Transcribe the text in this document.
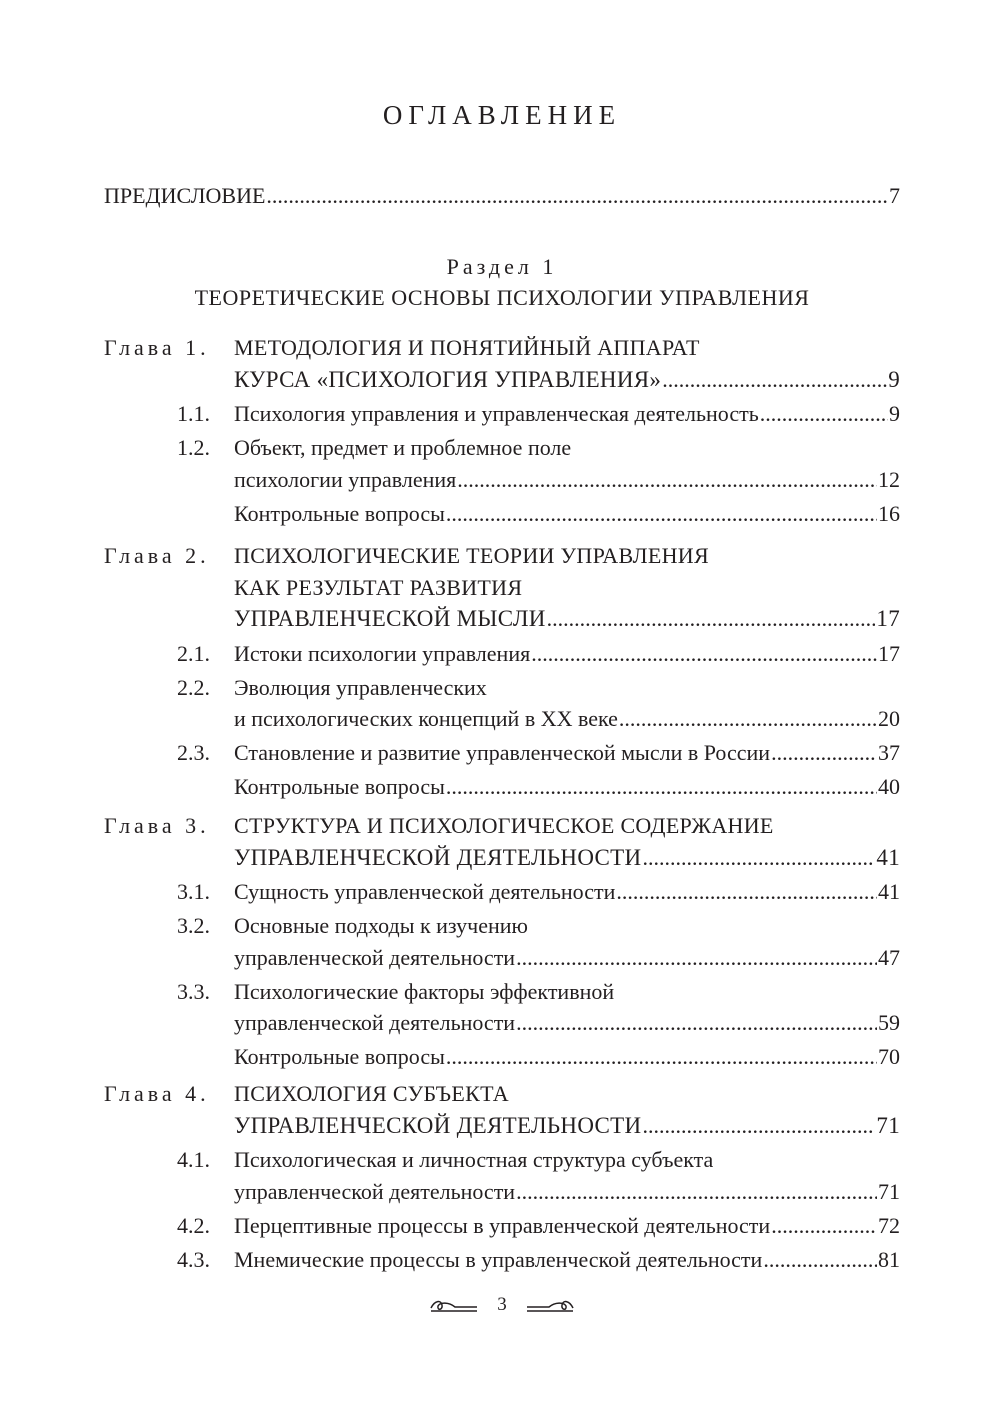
ОГЛАВЛЕНИЕ
ПРЕДИСЛОВИЕ .....	7
Раздел 1
ТЕОРЕТИЧЕСКИЕ ОСНОВЫ ПСИХОЛОГИИ УПРАВЛЕНИЯ
Глава 1. МЕТОДОЛОГИЯ И ПОНЯТИЙНЫЙ АППАРАТ
КУРСА «ПСИХОЛОГИЯ УПРАВЛЕНИЯ» .....	9
1.1. Психология управления и управленческая деятельность .....	9
1.2. Объект, предмет и проблемное поле
психологии управления .....	12
Контрольные вопросы .....	16
Глава 2. ПСИХОЛОГИЧЕСКИЕ ТЕОРИИ УПРАВЛЕНИЯ
КАК РЕЗУЛЬТАТ РАЗВИТИЯ
УПРАВЛЕНЧЕСКОЙ МЫСЛИ .....	17
2.1. Истоки психологии управления .....	17
2.2. Эволюция управленческих
и психологических концепций в ХХ веке .....	20
2.3. Становление и развитие управленческой мысли в России .....	37
Контрольные вопросы .....	40
Глава 3. СТРУКТУРА И ПСИХОЛОГИЧЕСКОЕ СОДЕРЖАНИЕ
УПРАВЛЕНЧЕСКОЙ ДЕЯТЕЛЬНОСТИ .....	41
3.1. Сущность управленческой деятельности .....	41
3.2. Основные подходы к изучению
управленческой деятельности .....	47
3.3. Психологические факторы эффективной
управленческой деятельности .....	59
Контрольные вопросы .....	70
Глава 4. ПСИХОЛОГИЯ СУБЪЕКТА
УПРАВЛЕНЧЕСКОЙ ДЕЯТЕЛЬНОСТИ .....	71
4.1. Психологическая и личностная структура субъекта
управленческой деятельности .....	71
4.2. Перцептивные процессы в управленческой деятельности .....	72
4.3. Мнемические процессы в управленческой деятельности .....	81
3
